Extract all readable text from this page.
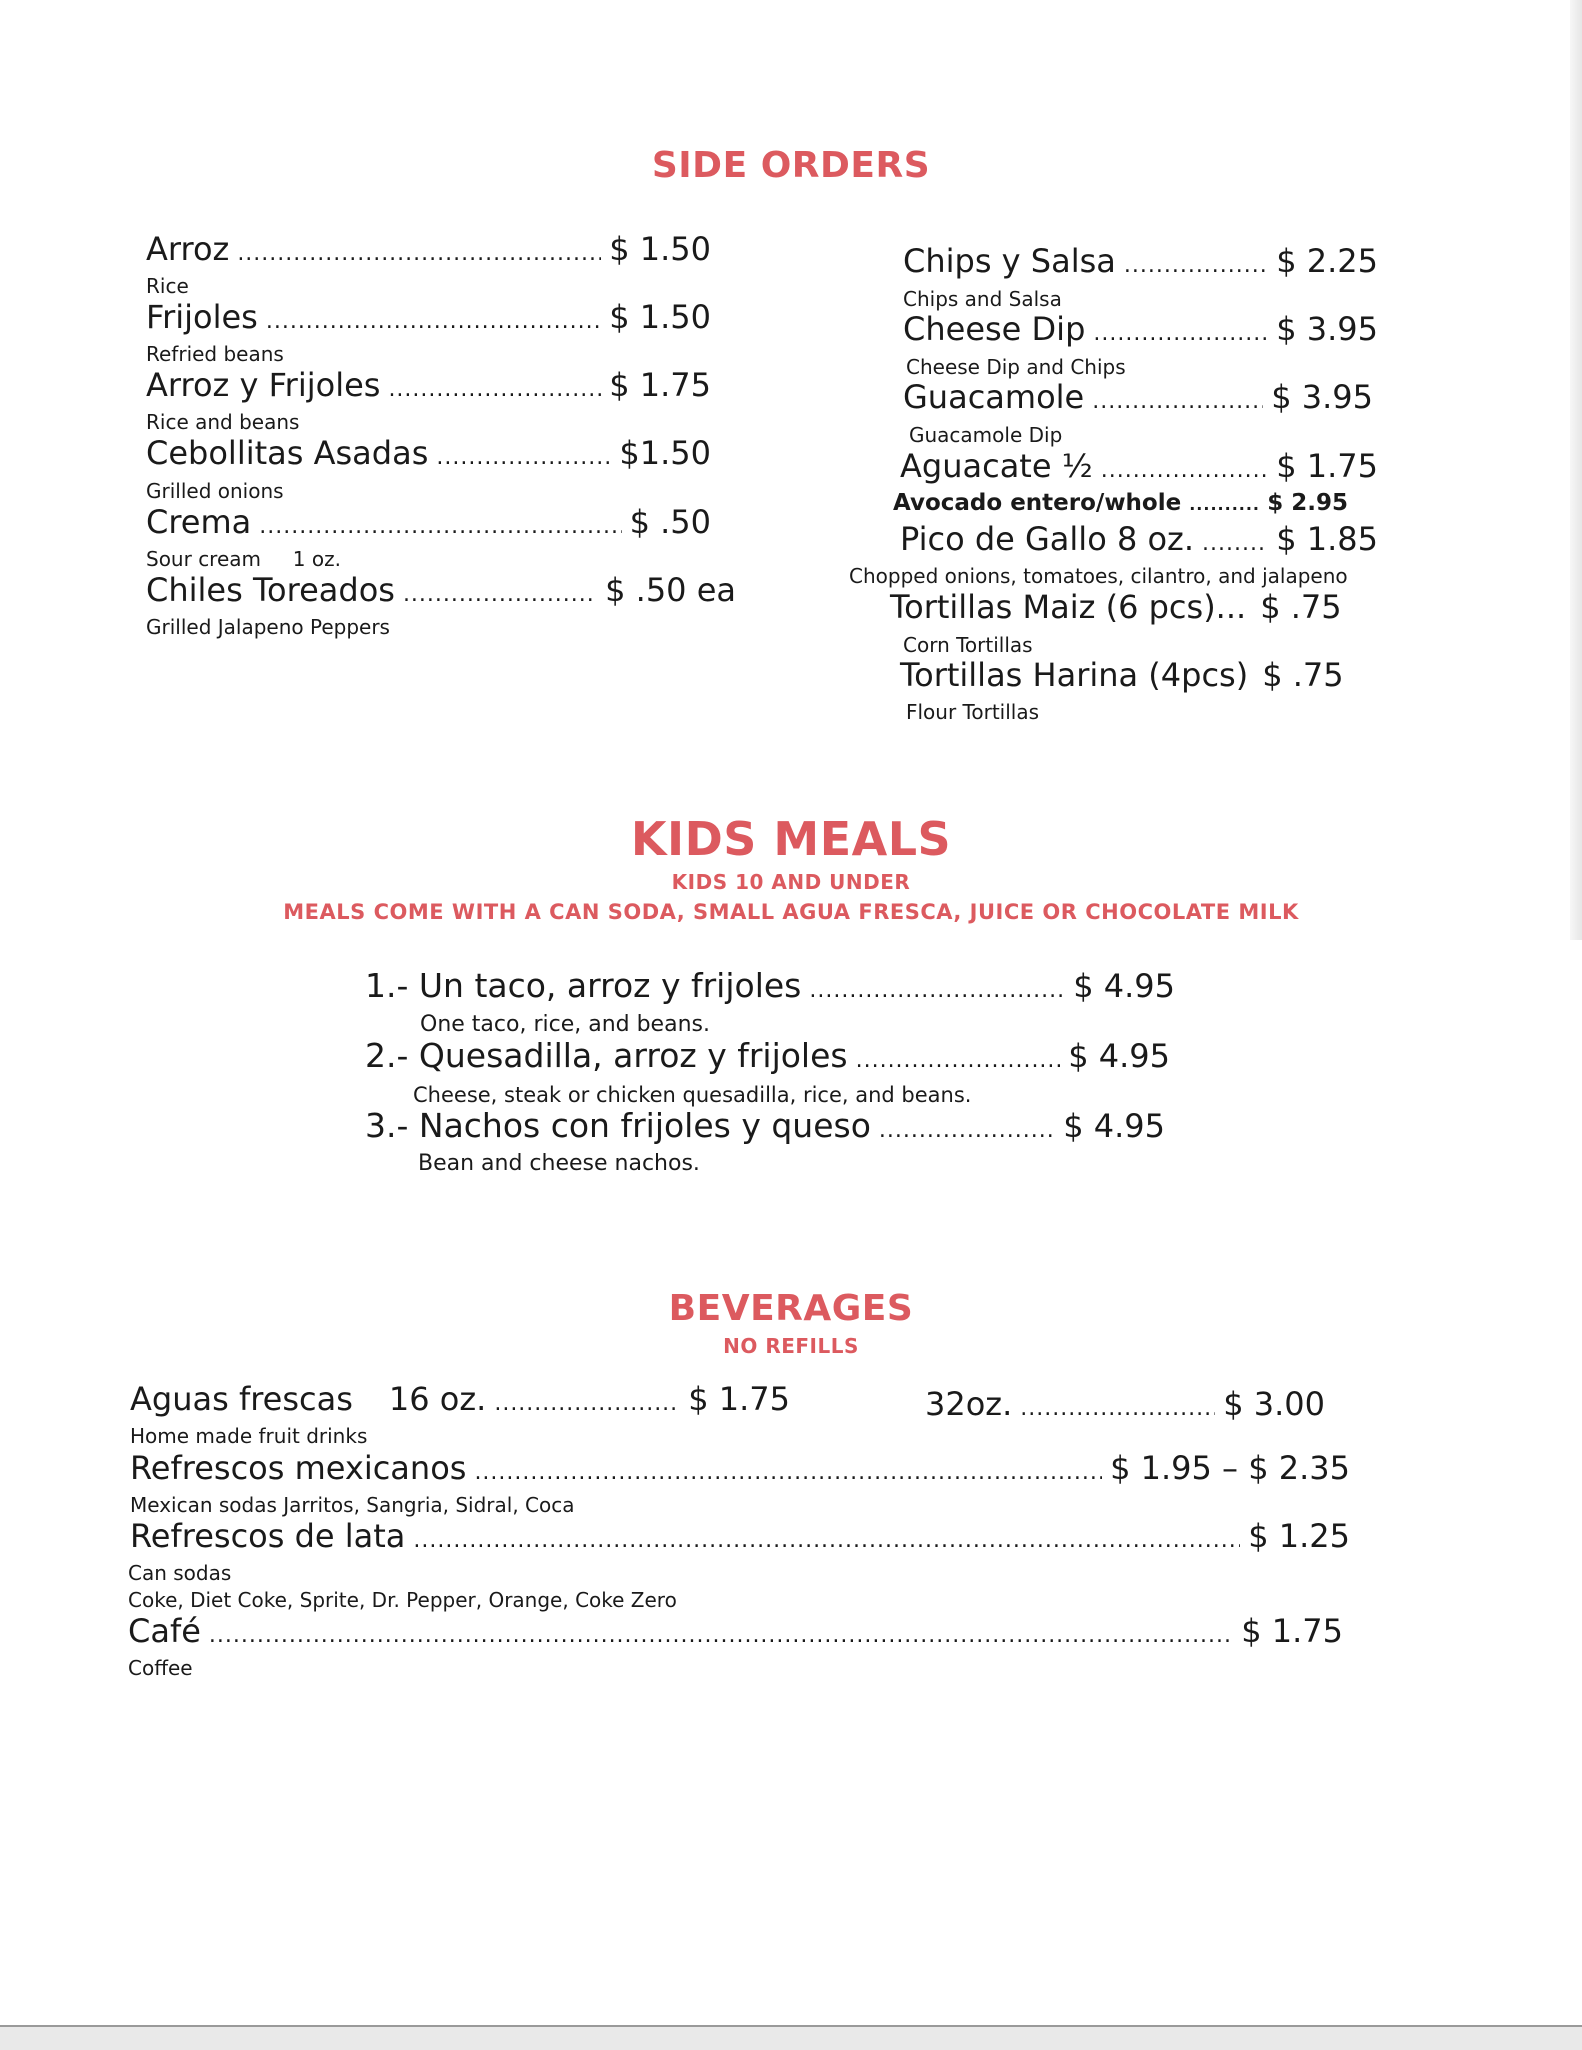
SIDE ORDERS
Arroz .....	$ 1.50
Rice
Frijoles .....	$ 1.50
Refried beans
Arroz y Frijoles .....	$ 1.75
Rice and beans
Cebollitas Asadas .....	$1.50
Grilled onions
Crema .....	$ .50
Sour cream     1 oz.
Chiles Toreados .....	$ .50 ea
Grilled Jalapeno Peppers
Chips y Salsa .....	$ 2.25
Chips and Salsa
Cheese Dip .....	$ 3.95
Cheese Dip and Chips
Guacamole .....	$ 3.95
Guacamole Dip
Aguacate ½ .....	$ 1.75
Avocado entero/whole .....	$ 2.95
Pico de Gallo 8 oz. .....	$ 1.85
Chopped onions, tomatoes, cilantro, and jalapeno
Tortillas Maiz (6 pcs)... $ .75
Corn Tortillas
Tortillas Harina (4pcs) $ .75
Flour Tortillas
KIDS MEALS
KIDS 10 AND UNDER
MEALS COME WITH A CAN SODA, SMALL AGUA FRESCA, JUICE OR CHOCOLATE MILK
1.- Un taco, arroz y frijoles .....	$ 4.95
One taco, rice, and beans.
2.- Quesadilla, arroz y frijoles .....	$ 4.95
Cheese, steak or chicken quesadilla, rice, and beans.
3.- Nachos con frijoles y queso .....	$ 4.95
Bean and cheese nachos.
BEVERAGES
NO REFILLS
Aguas frescas 16 oz. .....	$ 1.75	32oz. .....	$ 3.00
Home made fruit drinks
Refrescos mexicanos .....	$ 1.95 – $ 2.35
Mexican sodas Jarritos, Sangria, Sidral, Coca
Refrescos de lata .....	$ 1.25
Can sodas
Coke, Diet Coke, Sprite, Dr. Pepper, Orange, Coke Zero
Café .....	$ 1.75
Coffee
